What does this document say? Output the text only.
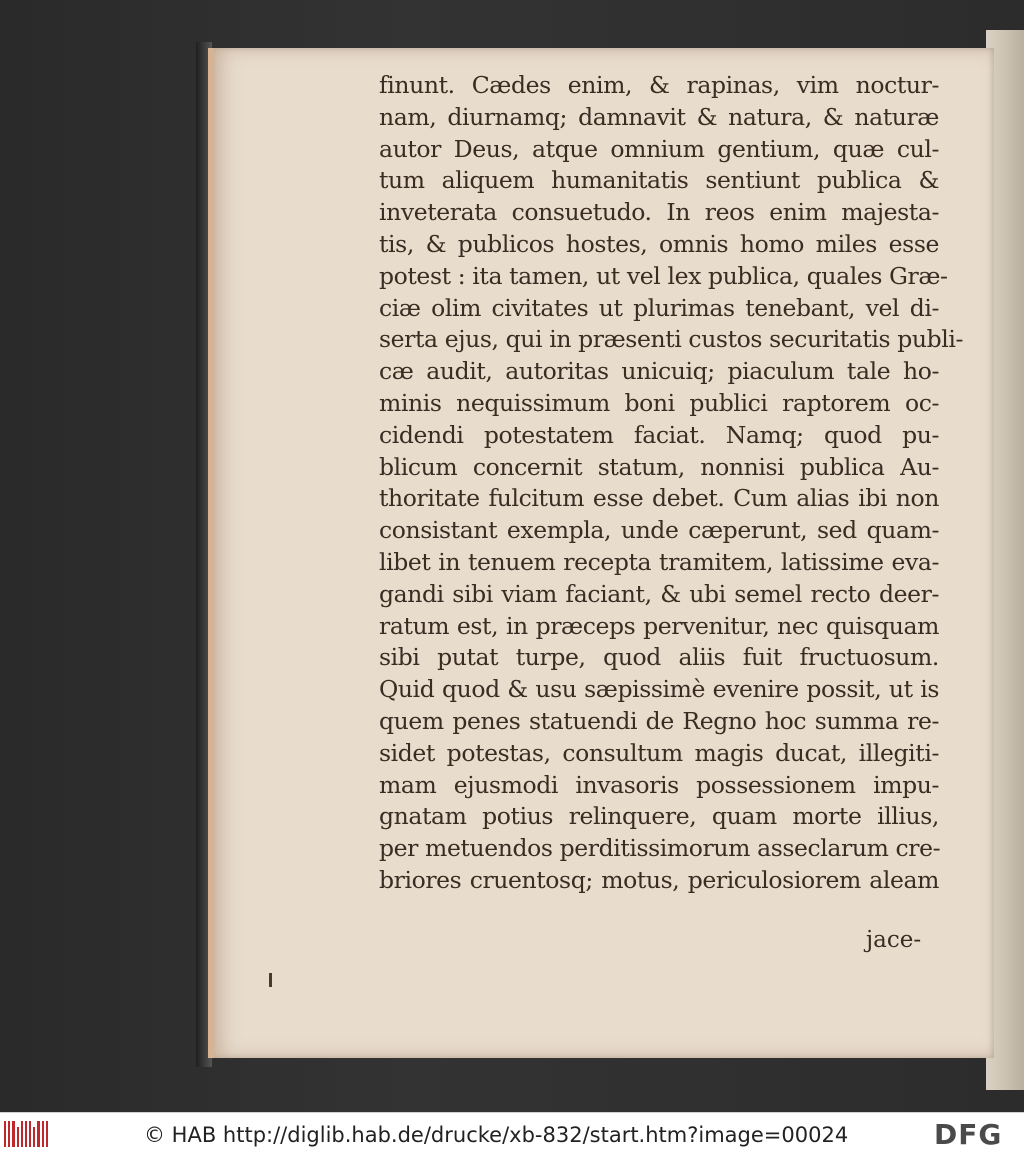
finunt. Cædes enim, & rapinas, vim noctur-
nam, diurnamq; damnavit & natura, & naturæ
autor Deus, atque omnium gentium, quæ cul-
tum aliquem humanitatis sentiunt publica &
inveterata consuetudo. In reos enim majesta-
tis, & publicos hostes, omnis homo miles esse
potest : ita tamen, ut vel lex publica, quales Græ-
ciæ olim civitates ut plurimas tenebant, vel di-
serta ejus, qui in præsenti custos securitatis publi-
cæ audit, autoritas unicuiq; piaculum tale ho-
minis nequissimum boni publici raptorem oc-
cidendi potestatem faciat. Namq; quod pu-
blicum concernit statum, nonnisi publica Au-
thoritate fulcitum esse debet. Cum alias ibi non
consistant exempla, unde cæperunt, sed quam-
libet in tenuem recepta tramitem, latissime eva-
gandi sibi viam faciant, & ubi semel recto deer-
ratum est, in præceps pervenitur, nec quisquam
sibi putat turpe, quod aliis fuit fructuosum.
Quid quod & usu sæpissimè evenire possit, ut is
quem penes statuendi de Regno hoc summa re-
sidet potestas, consultum magis ducat, illegiti-
mam ejusmodi invasoris possessionem impu-
gnatam potius relinquere, quam morte illius,
per metuendos perditissimorum asseclarum cre-
briores cruentosq; motus, periculosiorem aleam
jace-
© HAB http://diglib.hab.de/drucke/xb-832/start.htm?image=00024	DFG
